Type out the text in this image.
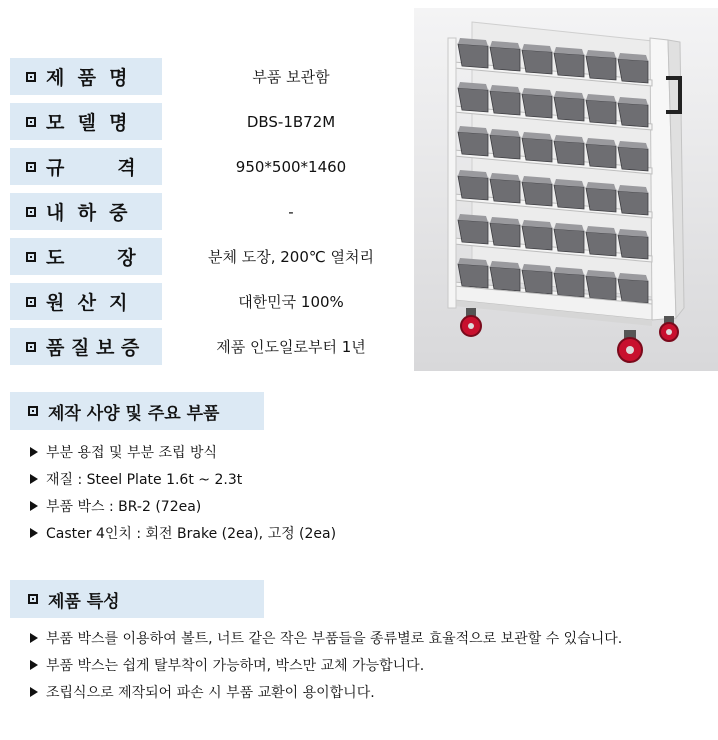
제  품  명	부품 보관함
모  델  명	DBS-1B72M
규        격	950*500*1460
내  하  중	-
도        장	분체 도장, 200℃ 열처리
원  산  지	대한민국 100%
품 질 보 증	제품 인도일로부터 1년
제작 사양 및 주요 부품
부분 용접 및 부분 조립 방식
재질 : Steel Plate 1.6t ~ 2.3t
부품 박스 : BR-2 (72ea)
Caster 4인치 : 회전 Brake (2ea), 고정 (2ea)
제품 특성
부품 박스를 이용하여 볼트, 너트 같은 작은 부품들을 종류별로 효율적으로 보관할 수 있습니다.
부품 박스는 쉽게 탈부착이 가능하며, 박스만 교체 가능합니다.
조립식으로 제작되어 파손 시 부품 교환이 용이합니다.
